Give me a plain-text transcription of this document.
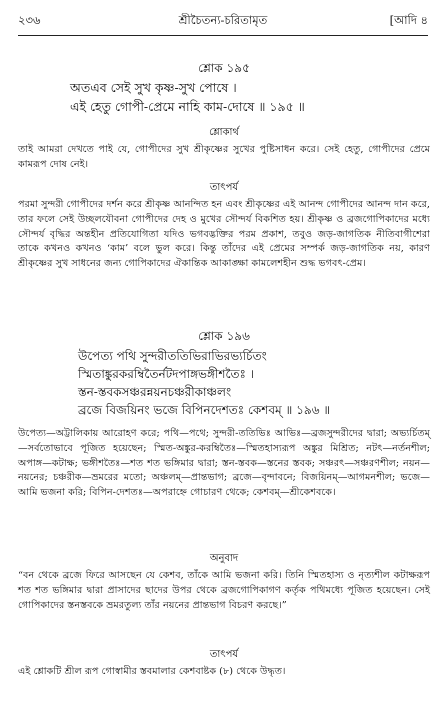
২৩৬	শ্রীচৈতন্য-চরিতামৃত	[আদি ৪
শ্লোক ১৯৫
অতএব সেই সুখ কৃষ্ণ-সুখ পোষে ।
এই হেতু গোপী-প্রেমে নাহি কাম-দোষে ॥ ১৯৫ ॥
শ্লোকার্থ
তাই আমরা দেখতে পাই যে, গোপীদের সুখ শ্রীকৃষ্ণের সুখের পুষ্টিসাধন করে। সেই হেতু, গোপীদের প্রেমে কামরূপ দোষ নেই।
তাৎপর্য
পরমা সুন্দরী গোপীদের দর্শন করে শ্রীকৃষ্ণ আনন্দিত হন এবং শ্রীকৃষ্ণের এই আনন্দ গোপীদের আনন্দ দান করে, তার ফলে সেই উচ্ছলযৌবনা গোপীদের দেহ ও মুখের সৌন্দর্য বিকশিত হয়। শ্রীকৃষ্ণ ও ব্রজগোপিকাদের মধ্যে সৌন্দর্য বৃদ্ধির অন্তহীন প্রতিযোগিতা যদিও ভগবদ্ভক্তির পরম প্রকাশ, তবুও জড়-জাগতিক নীতিবাগীশেরা তাকে কখনও কখনও ‘কাম’ বলে ভুল করে। কিন্তু তাঁদের এই প্রেমের সম্পর্ক জড়-জাগতিক নয়, কারণ শ্রীকৃষ্ণের সুখ সাধনের জন্য গোপিকাদের ঐকান্তিক আকাঙ্ক্ষা কামলেশহীন শুদ্ধ ভগবৎ-প্রেম।
শ্লোক ১৯৬
উপেত্য পথি সুন্দরীততিভিরাভিরভ্যর্চিতং
স্মিতাঙ্কুরকরম্বিতৈর্নটদপাঙ্গভঙ্গীশতৈঃ ।
স্তন-স্তবকসঞ্চরন্নয়নচঞ্চরীকাঞ্চলং
ব্রজে বিজয়িনং ভজে বিপিনদেশতঃ কেশবম্ ॥ ১৯৬ ॥
উপেত্য—অট্টালিকায় আরোহণ করে; পথি—পথে; সুন্দরী-ততিভিঃ আভিঃ—ব্রজসুন্দরীদের দ্বারা; অভ্যর্চিতম্—সর্বতোভাবে পূজিত হয়েছেন; স্মিত-অঙ্কুর-করম্বিতৈঃ—স্মিতহাস্যরূপ অঙ্কুর মিশ্রিত; নটৎ—নর্তনশীল; অপাঙ্গ—কটাক্ষ; ভঙ্গীশতৈঃ—শত শত ভঙ্গিমার দ্বারা; স্তন-স্তবক—স্তনের স্তবক; সঞ্চরৎ—সঞ্চরণশীল; নয়ন—নয়নের; চঞ্চরীক—ভ্রমরের মতো; অঞ্চলম্—প্রান্তভাগ; ব্রজে—বৃন্দাবনে; বিজয়িনম্—আগমনশীল; ভজে—আমি ভজনা করি; বিপিন-দেশতঃ—অপরাহ্নে গোচারণ থেকে; কেশবম্—শ্রীকেশবকে।
অনুবাদ
“বন থেকে ব্রজে ফিরে আসছেন যে কেশব, তাঁকে আমি ভজনা করি। তিনি স্মিতহাস্য ও নৃত্যশীল কটাক্ষরূপ শত শত ভঙ্গিমার দ্বারা প্রাসাদের ছাদের উপর থেকে ব্রজগোপিকাগণ কর্তৃক পথিমধ্যে পূজিত হয়েছেন। সেই গোপিকাদের স্তনস্তবকে ভ্রমরতুল্য তাঁর নয়নের প্রান্তভাগ বিচরণ করছে।”
তাৎপর্য
এই শ্লোকটি শ্রীল রূপ গোস্বামীর স্তবমালার কেশবাষ্টক (৮) থেকে উদ্ধৃত।
